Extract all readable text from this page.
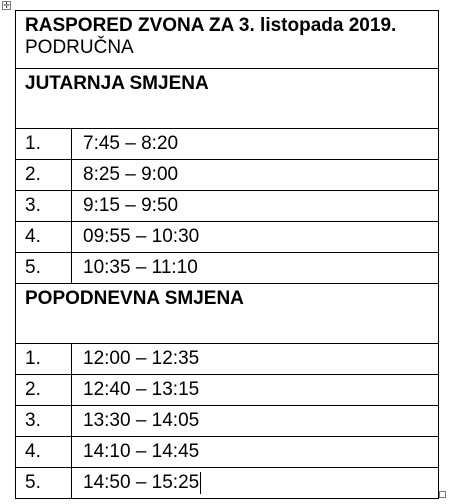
✛
RASPORED ZVONA ZA 3. listopada 2019.
PODRUČNA
JUTARNJA SMJENA
1.	7:45 – 8:20
2.	8:25 – 9:00
3.	9:15 – 9:50
4.	09:55 – 10:30
5.	10:35 – 11:10
POPODNEVNA SMJENA
1.	12:00 – 12:35
2.	12:40 – 13:15
3.	13:30 – 14:05
4.	14:10 – 14:45
5.	14:50 – 15:25
